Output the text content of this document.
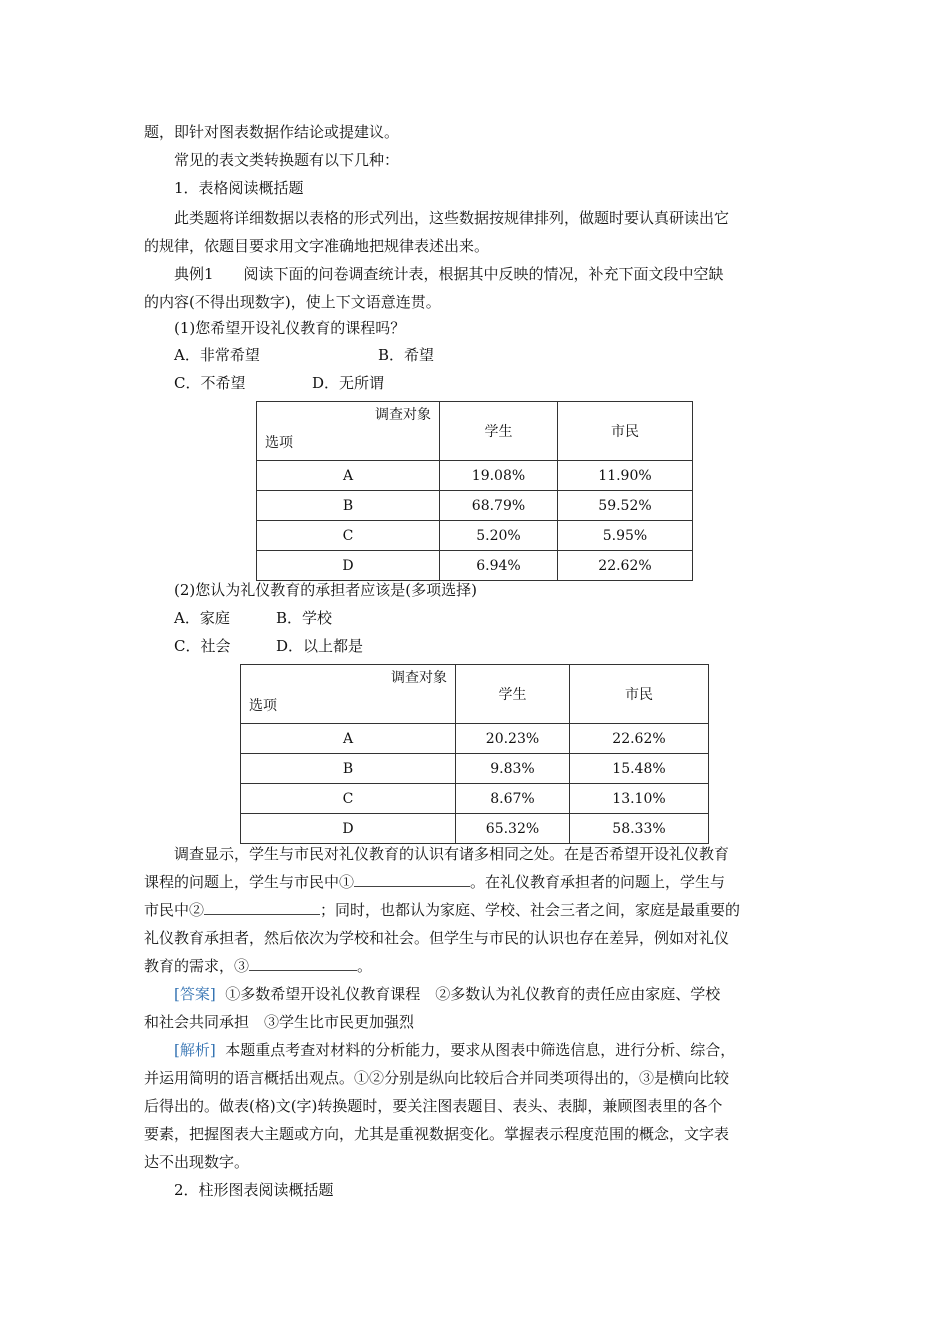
题，即针对图表数据作结论或提建议。
常见的表文类转换题有以下几种：
1．表格阅读概括题
此类题将详细数据以表格的形式列出，这些数据按规律排列，做题时要认真研读出它
的规律，依题目要求用文字准确地把规律表述出来。
典例1　　阅读下面的问卷调查统计表，根据其中反映的情况，补充下面文段中空缺
的内容(不得出现数字)，使上下文语意连贯。
(1)您希望开设礼仪教育的课程吗？
A．非常希望	B．希望
C．不希望	D．无所谓
调查对象
选项	学生	市民
A	19.08%	11.90%
B	68.79%	59.52%
C	5.20%	5.95%
D	6.94%	22.62%
(2)您认为礼仪教育的承担者应该是(多项选择)
A．家庭	B．学校
C．社会	D．以上都是
调查对象
选项	学生	市民
A	20.23%	22.62%
B	9.83%	15.48%
C	8.67%	13.10%
D	65.32%	58.33%
调查显示，学生与市民对礼仪教育的认识有诸多相同之处。在是否希望开设礼仪教育
课程的问题上，学生与市民中①	。在礼仪教育承担者的问题上，学生与
市民中②	；同时，也都认为家庭、学校、社会三者之间，家庭是最重要的
礼仪教育承担者，然后依次为学校和社会。但学生与市民的认识也存在差异，例如对礼仪
教育的需求，③	。
[答案] ①多数希望开设礼仪教育课程　②多数认为礼仪教育的责任应由家庭、学校
和社会共同承担　③学生比市民更加强烈
[解析] 本题重点考查对材料的分析能力，要求从图表中筛选信息，进行分析、综合，
并运用简明的语言概括出观点。①②分别是纵向比较后合并同类项得出的，③是横向比较
后得出的。做表(格)文(字)转换题时，要关注图表题目、表头、表脚，兼顾图表里的各个
要素，把握图表大主题或方向，尤其是重视数据变化。掌握表示程度范围的概念，文字表
达不出现数字。
2．柱形图表阅读概括题
